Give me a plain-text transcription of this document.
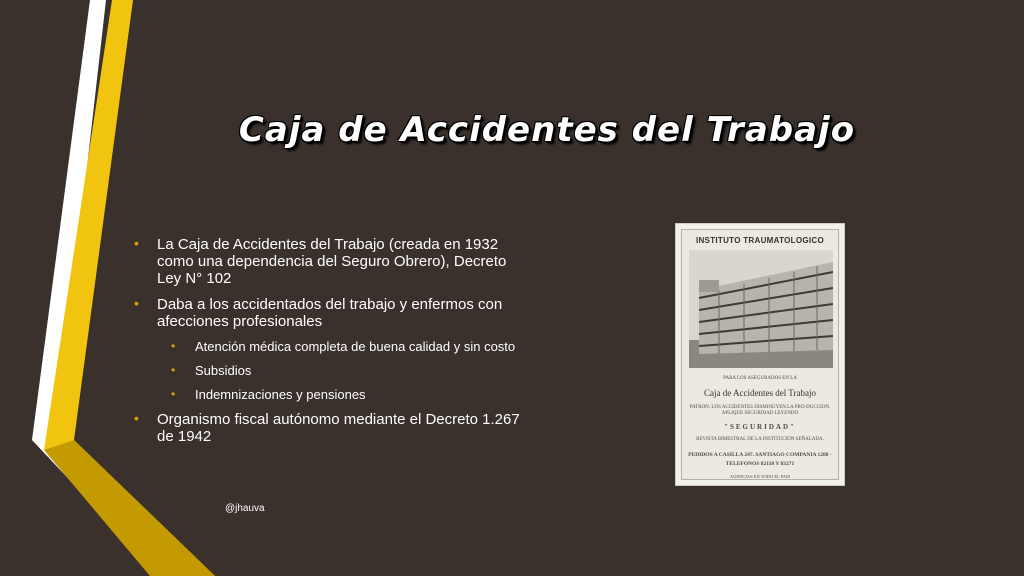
Caja de Accidentes del Trabajo
• La Caja de Accidentes del Trabajo (creada en 1932 como una dependencia del Seguro Obrero), Decreto Ley N° 102
• Daba a los accidentados del trabajo y enfermos con afecciones profesionales
• Atención médica completa de buena calidad y sin costo
• Subsidios
• Indemnizaciones y pensiones
• Organismo fiscal autónomo mediante el Decreto 1.267 de 1942
@jhauva
INSTITUTO TRAUMATOLOGICO
PARA LOS ASEGURADOS EN LA
Caja de Accidentes del Trabajo
PATRON: LOS ACCIDENTES DISMINUYEN LA PRO-DUCCION. APLIQUE SEGURIDAD LEYENDO
"SEGURIDAD"
REVISTA BIMESTRAL DE LA INSTITUCION SEÑALADA.
PEDIDOS A CASILLA 247. SANTIAGO COMPANIA 1288 - TELEFONOS 82118 Y 83271
AGENCIAS EN TODO EL PAIS
